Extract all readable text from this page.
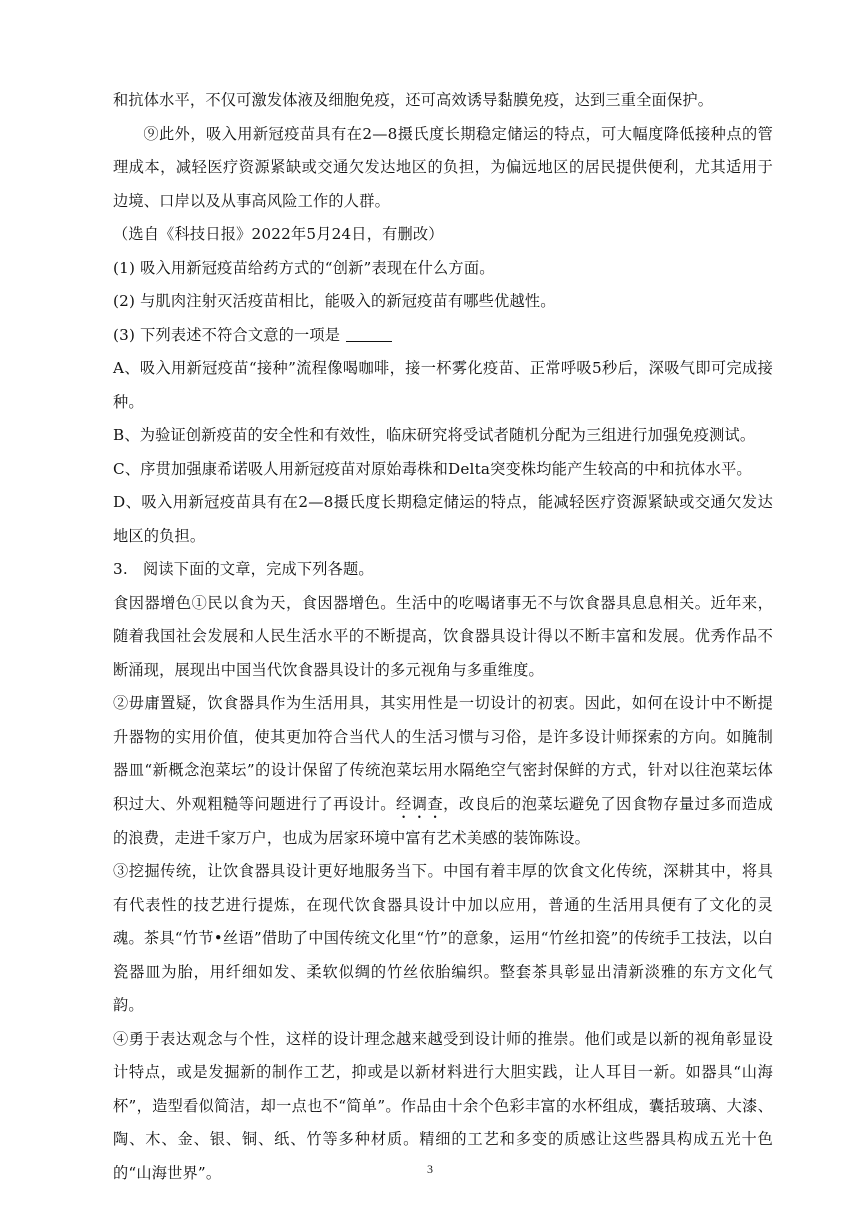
和抗体水平，不仅可激发体液及细胞免疫，还可高效诱导黏膜免疫，达到三重全面保护。

⑨此外，吸入用新冠疫苗具有在2—8摄氏度长期稳定储运的特点，可大幅度降低接种点的管理成本，减轻医疗资源紧缺或交通欠发达地区的负担，为偏远地区的居民提供便利，尤其适用于边境、口岸以及从事高风险工作的人群。

（选自《科技日报》2022年5月24日，有删改）

(1) 吸入用新冠疫苗给药方式的“创新”表现在什么方面。

(2) 与肌肉注射灭活疫苗相比，能吸入的新冠疫苗有哪些优越性。

(3) 下列表述不符合文意的一项是

A、吸入用新冠疫苗“接种”流程像喝咖啡，接一杯雾化疫苗、正常呼吸5秒后，深吸气即可完成接种。

B、为验证创新疫苗的安全性和有效性，临床研究将受试者随机分配为三组进行加强免疫测试。

C、序贯加强康希诺吸人用新冠疫苗对原始毒株和Delta突变株均能产生较高的中和抗体水平。

D、吸入用新冠疫苗具有在2—8摄氏度长期稳定储运的特点，能减轻医疗资源紧缺或交通欠发达地区的负担。

3.   阅读下面的文章，完成下列各题。

食因器增色①民以食为天，食因器增色。生活中的吃喝诸事无不与饮食器具息息相关。近年来，随着我国社会发展和人民生活水平的不断提高，饮食器具设计得以不断丰富和发展。优秀作品不断涌现，展现出中国当代饮食器具设计的多元视角与多重维度。

②毋庸置疑，饮食器具作为生活用具，其实用性是一切设计的初衷。因此，如何在设计中不断提升器物的实用价值，使其更加符合当代人的生活习惯与习俗，是许多设计师探索的方向。如腌制器皿“新概念泡菜坛”的设计保留了传统泡菜坛用水隔绝空气密封保鲜的方式，针对以往泡菜坛体积过大、外观粗糙等问题进行了再设计。经调查，改良后的泡菜坛避免了因食物存量过多而造成的浪费，走进千家万户，也成为居家环境中富有艺术美感的装饰陈设。

③挖掘传统，让饮食器具设计更好地服务当下。中国有着丰厚的饮食文化传统，深耕其中，将具有代表性的技艺进行提炼，在现代饮食器具设计中加以应用，普通的生活用具便有了文化的灵魂。茶具“竹节•丝语”借助了中国传统文化里“竹”的意象，运用“竹丝扣瓷”的传统手工技法，以白瓷器皿为胎，用纤细如发、柔软似绸的竹丝依胎编织。整套茶具彰显出清新淡雅的东方文化气韵。

④勇于表达观念与个性，这样的设计理念越来越受到设计师的推崇。他们或是以新的视角彰显设计特点，或是发掘新的制作工艺，抑或是以新材料进行大胆实践，让人耳目一新。如器具“山海杯”，造型看似简洁，却一点也不“简单”。作品由十余个色彩丰富的水杯组成，囊括玻璃、大漆、陶、木、金、银、铜、纸、竹等多种材质。精细的工艺和多变的质感让这些器具构成五光十色的“山海世界”。	3
